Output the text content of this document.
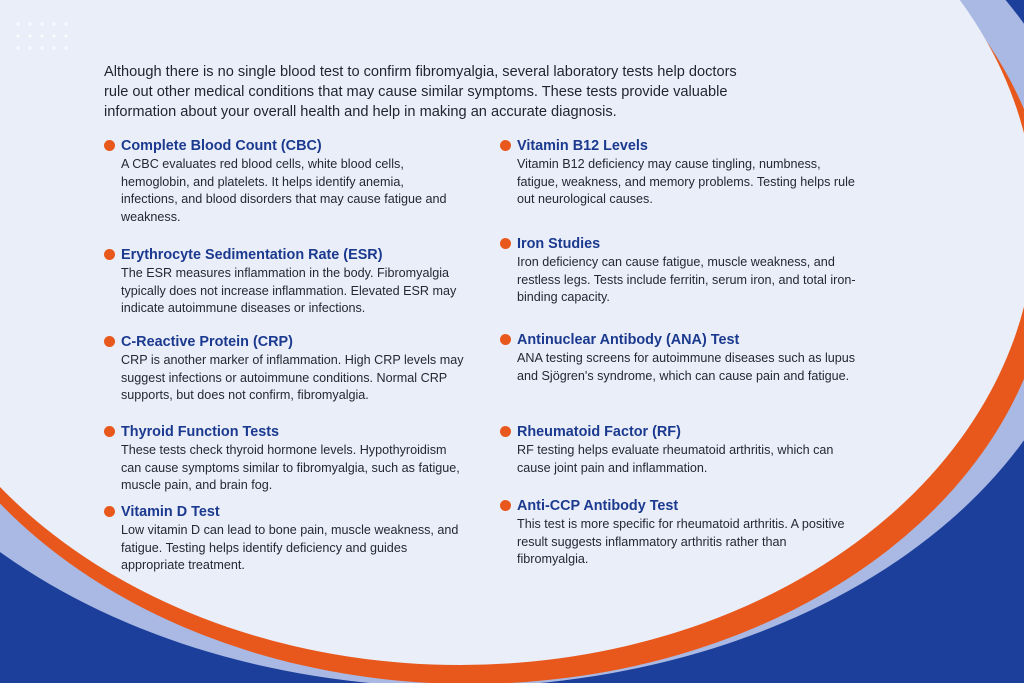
Although there is no single blood test to confirm fibromyalgia, several laboratory tests help doctors rule out other medical conditions that may cause similar symptoms. These tests provide valuable information about your overall health and help in making an accurate diagnosis.
Complete Blood Count (CBC)
A CBC evaluates red blood cells, white blood cells, hemoglobin, and platelets. It helps identify anemia, infections, and blood disorders that may cause fatigue and weakness.
Erythrocyte Sedimentation Rate (ESR)
The ESR measures inflammation in the body. Fibromyalgia typically does not increase inflammation. Elevated ESR may indicate autoimmune diseases or infections.
C-Reactive Protein (CRP)
CRP is another marker of inflammation. High CRP levels may suggest infections or autoimmune conditions. Normal CRP supports, but does not confirm, fibromyalgia.
Thyroid Function Tests
These tests check thyroid hormone levels. Hypothyroidism can cause symptoms similar to fibromyalgia, such as fatigue, muscle pain, and brain fog.
Vitamin D Test
Low vitamin D can lead to bone pain, muscle weakness, and fatigue. Testing helps identify deficiency and guides appropriate treatment.
Vitamin B12 Levels
Vitamin B12 deficiency may cause tingling, numbness, fatigue, weakness, and memory problems. Testing helps rule out neurological causes.
Iron Studies
Iron deficiency can cause fatigue, muscle weakness, and restless legs. Tests include ferritin, serum iron, and total iron-binding capacity.
Antinuclear Antibody (ANA) Test
ANA testing screens for autoimmune diseases such as lupus and Sjögren's syndrome, which can cause pain and fatigue.
Rheumatoid Factor (RF)
RF testing helps evaluate rheumatoid arthritis, which can cause joint pain and inflammation.
Anti-CCP Antibody Test
This test is more specific for rheumatoid arthritis. A positive result suggests inflammatory arthritis rather than fibromyalgia.
